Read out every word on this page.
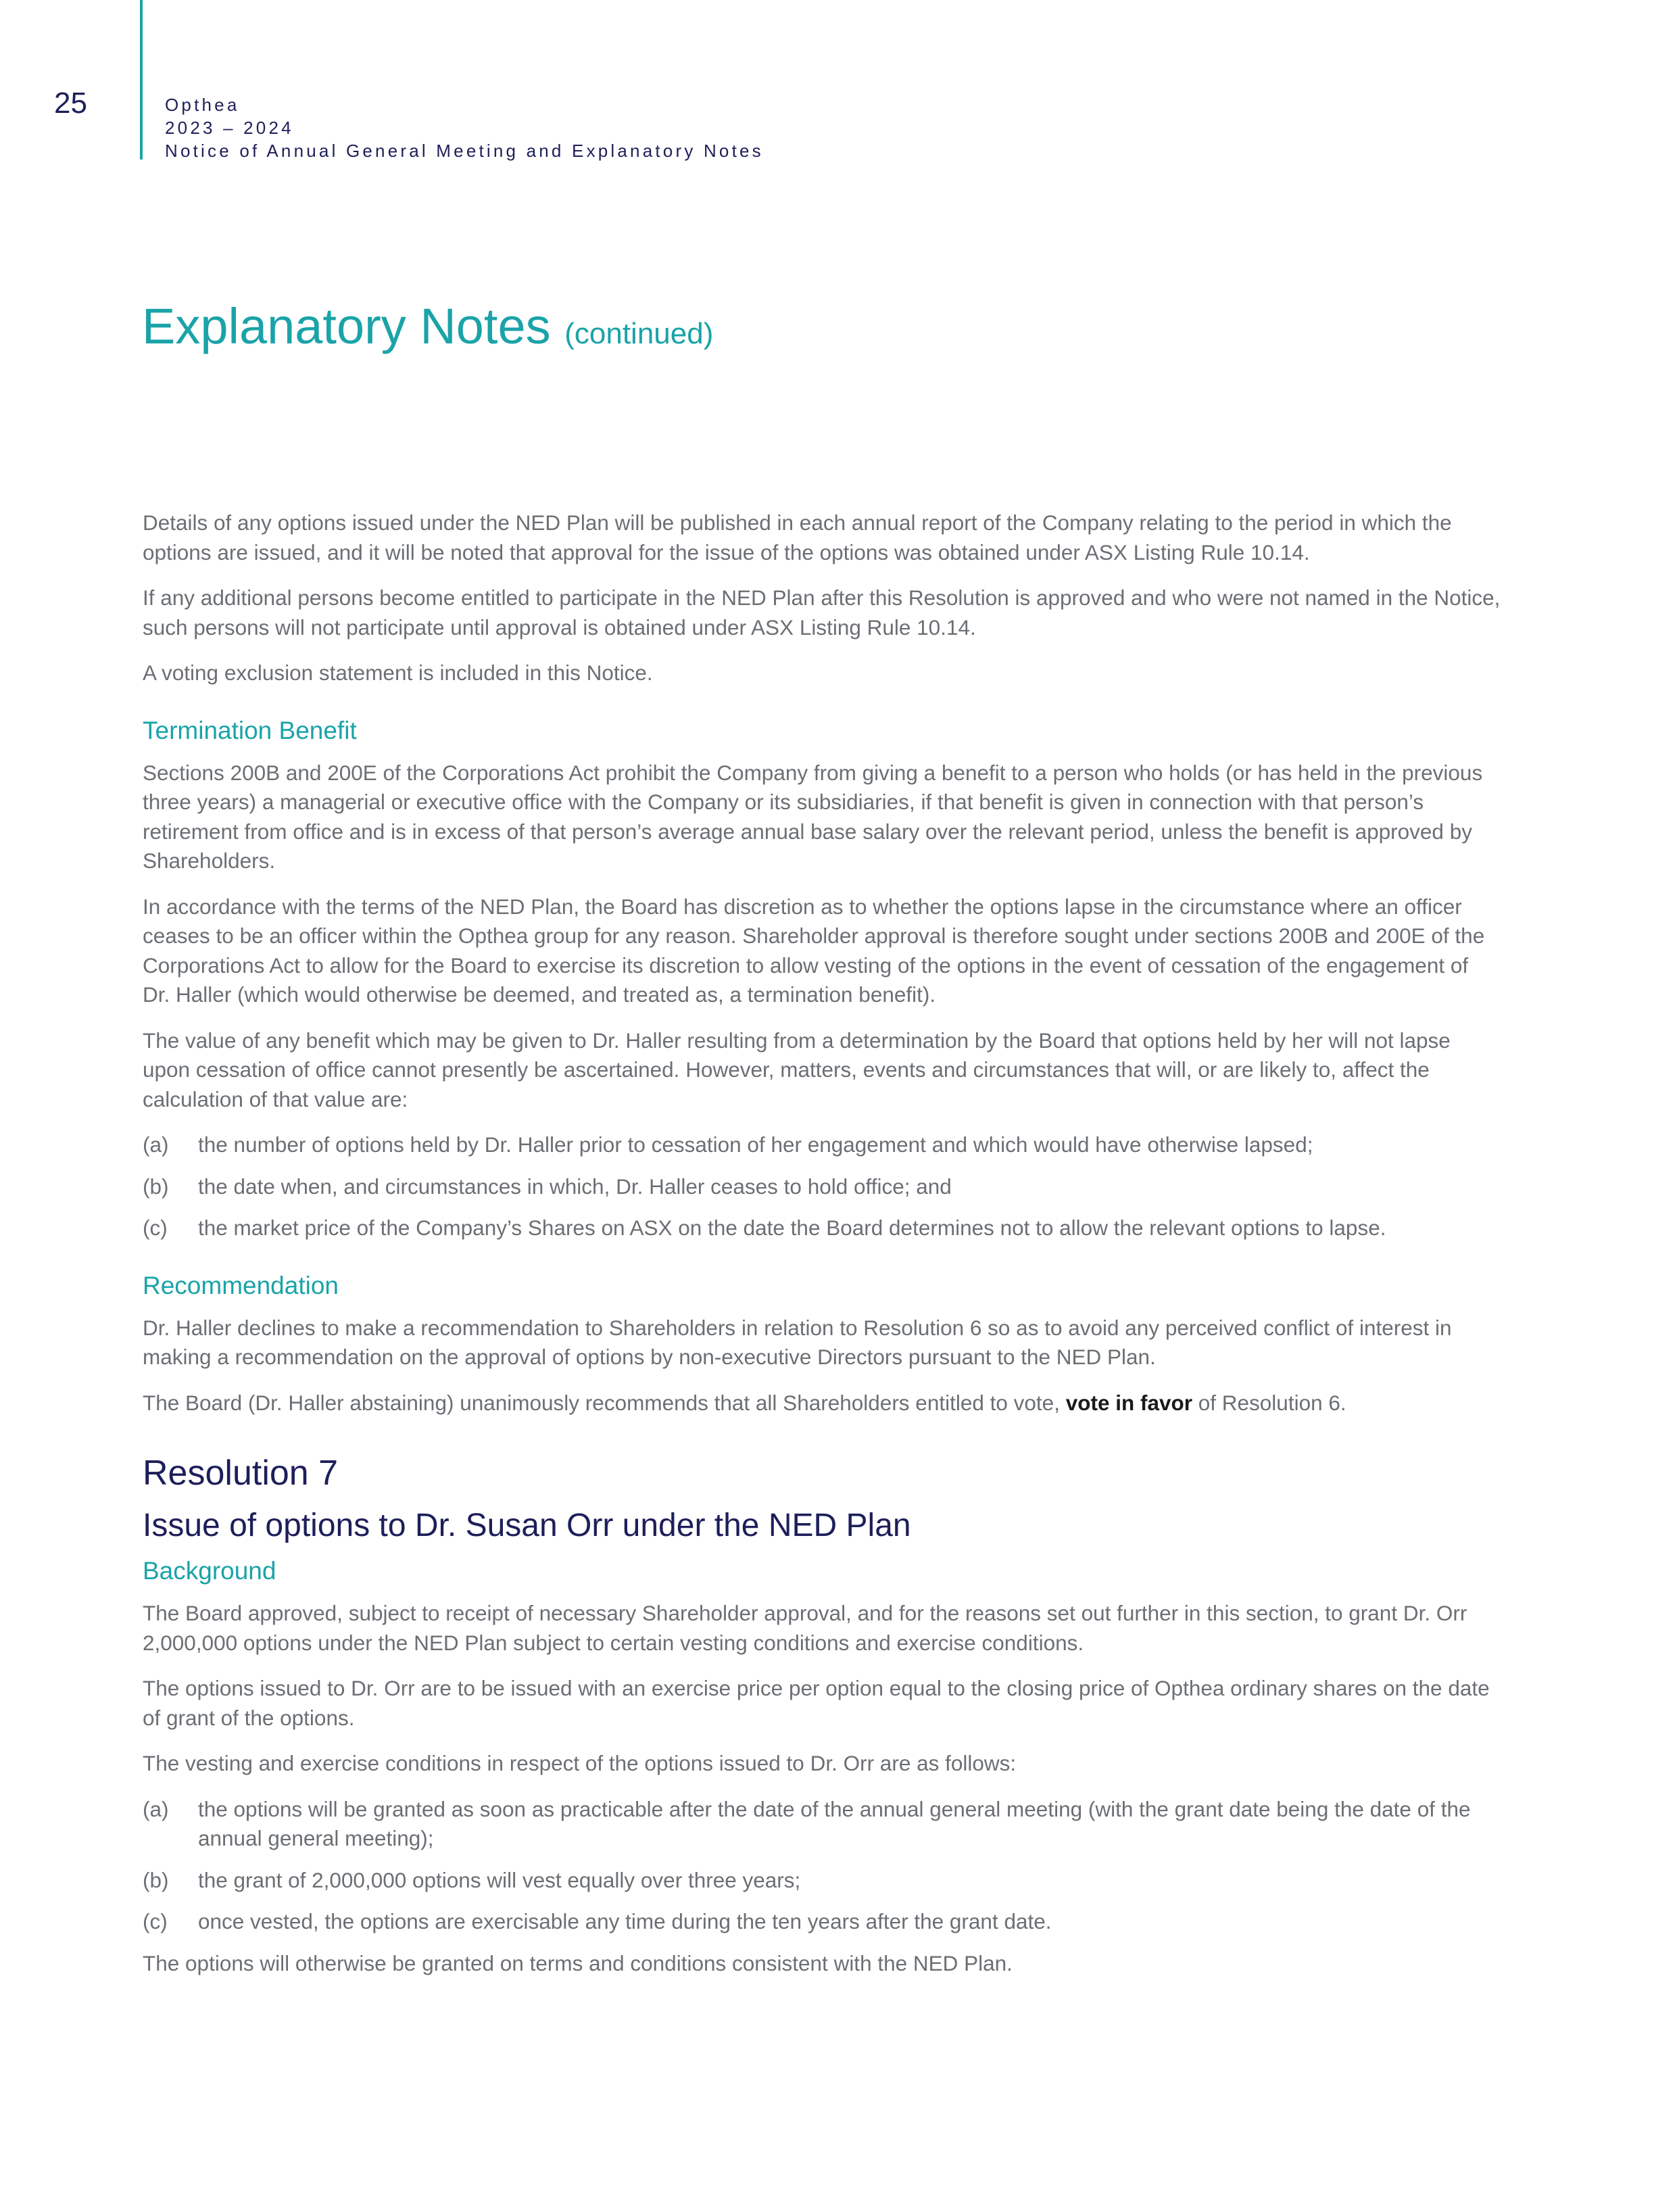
25	Opthea
2023 – 2024
Notice of Annual General Meeting and Explanatory Notes
Explanatory Notes (continued)

Details of any options issued under the NED Plan will be published in each annual report of the Company relating to the period in which the options are issued, and it will be noted that approval for the issue of the options was obtained under ASX Listing Rule 10.14.

If any additional persons become entitled to participate in the NED Plan after this Resolution is approved and who were not named in the Notice, such persons will not participate until approval is obtained under ASX Listing Rule 10.14.

A voting exclusion statement is included in this Notice.

Termination Benefit

Sections 200B and 200E of the Corporations Act prohibit the Company from giving a benefit to a person who holds (or has held in the previous three years) a managerial or executive office with the Company or its subsidiaries, if that benefit is given in connection with that person’s retirement from office and is in excess of that person’s average annual base salary over the relevant period, unless the benefit is approved by Shareholders.

In accordance with the terms of the NED Plan, the Board has discretion as to whether the options lapse in the circumstance where an officer ceases to be an officer within the Opthea group for any reason. Shareholder approval is therefore sought under sections 200B and 200E of the Corporations Act to allow for the Board to exercise its discretion to allow vesting of the options in the event of cessation of the engagement of Dr. Haller (which would otherwise be deemed, and treated as, a termination benefit).

The value of any benefit which may be given to Dr. Haller resulting from a determination by the Board that options held by her will not lapse upon cessation of office cannot presently be ascertained. However, matters, events and circumstances that will, or are likely to, affect the calculation of that value are:

(a)	the number of options held by Dr. Haller prior to cessation of her engagement and which would have otherwise lapsed;
(b)	the date when, and circumstances in which, Dr. Haller ceases to hold office; and
(c)	the market price of the Company’s Shares on ASX on the date the Board determines not to allow the relevant options to lapse.
Recommendation

Dr. Haller declines to make a recommendation to Shareholders in relation to Resolution 6 so as to avoid any perceived conflict of interest in making a recommendation on the approval of options by non-executive Directors pursuant to the NED Plan.

The Board (Dr. Haller abstaining) unanimously recommends that all Shareholders entitled to vote, vote in favor of Resolution 6.

Resolution 7
Issue of options to Dr. Susan Orr under the NED Plan
Background

The Board approved, subject to receipt of necessary Shareholder approval, and for the reasons set out further in this section, to grant Dr. Orr 2,000,000 options under the NED Plan subject to certain vesting conditions and exercise conditions.

The options issued to Dr. Orr are to be issued with an exercise price per option equal to the closing price of Opthea ordinary shares on the date of grant of the options.

The vesting and exercise conditions in respect of the options issued to Dr. Orr are as follows:

(a)	the options will be granted as soon as practicable after the date of the annual general meeting (with the grant date being the date of the annual general meeting);
(b)	the grant of 2,000,000 options will vest equally over three years;
(c)	once vested, the options are exercisable any time during the ten years after the grant date.

The options will otherwise be granted on terms and conditions consistent with the NED Plan.
